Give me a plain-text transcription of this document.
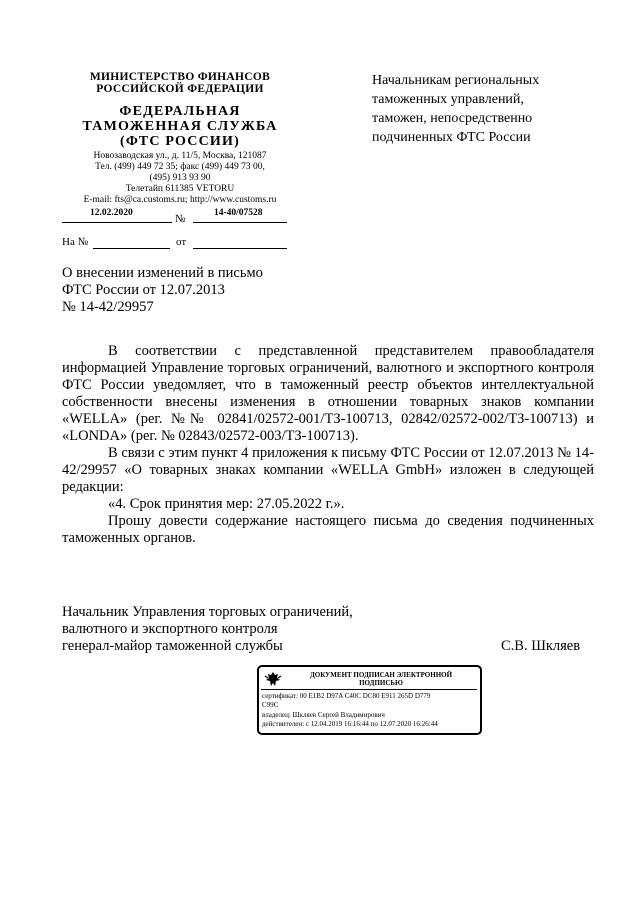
МИНИСТЕРСТВО ФИНАНСОВ
РОССИЙСКОЙ ФЕДЕРАЦИИ
ФЕДЕРАЛЬНАЯ
ТАМОЖЕННАЯ СЛУЖБА
(ФТС РОССИИ)
Новозаводская ул., д. 11/5, Москва, 121087
Тел. (499) 449 72 35; факс (499) 449 73 00,
(495) 913 93 90
Телетайп 611385 VETORU
E-mail: fts@ca.customs.ru; http://www.customs.ru
12.02.2020	№	14-40/07528
На №	от
Начальникам региональных
таможенных управлений,
таможен, непосредственно
подчиненных ФТС России
О внесении изменений в письмо
ФТС России от 12.07.2013
№ 14-42/29957

В соответствии с представленной представителем правообладателя информацией Управление торговых ограничений, валютного и экспортного контроля ФТС России уведомляет, что в таможенный реестр объектов интеллектуальной собственности внесены изменения в отношении товарных знаков компании «WELLA» (рег. №№ 02841/02572-001/ТЗ-100713, 02842/02572-002/ТЗ-100713) и «LONDA» (рег. № 02843/02572-003/ТЗ-100713).

В связи с этим пункт 4 приложения к письму ФТС России от 12.07.2013 № 14-42/29957 «О товарных знаках компании «WELLA GmbH» изложен в следующей редакции:

«4. Срок принятия мер: 27.05.2022 г.».

Прошу довести содержание настоящего письма до сведения подчиненных таможенных органов.

Начальник Управления торговых ограничений,
валютного и экспортного контроля
генерал-майор таможенной службы	С.В. Шкляев
ДОКУМЕНТ ПОДПИСАН ЭЛЕКТРОННОЙ
ПОДПИСЬЮ
сертификат: 00 E1B2 D97A C40C DC80 E911 265D D779 C99C
владелец: Шкляев Сергей Владимирович
действителен: с 12.04.2019 16:16:44 по 12.07.2020 16:26:44
